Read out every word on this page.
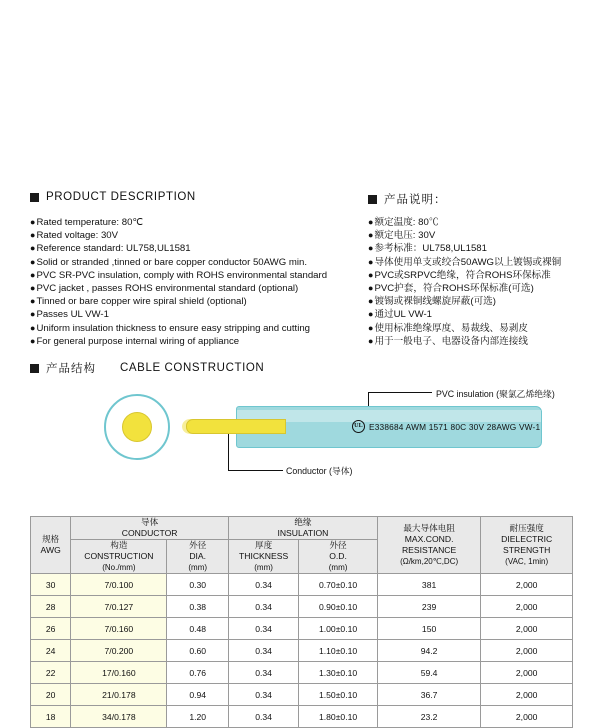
PRODUCT DESCRIPTION	产品说明：
● Rated temperature: 80℃
● Rated voltage: 30V
● Reference standard: UL758,UL1581
● Solid or stranded ,tinned or bare copper conductor 50AWG min.
● PVC SR-PVC insulation, comply with ROHS environmental standard
● PVC jacket , passes ROHS environmental standard (optional)
● Tinned or bare copper wire spiral shield (optional)
● Passes UL VW-1
● Uniform insulation thickness to ensure easy stripping and cutting
● For general purpose internal wiring of appliance
● 额定温度: 80℃
● 额定电压: 30V
● 参考标准：UL758,UL1581
● 导体使用单支或绞合50AWG以上镀锡或裸铜
● PVC或SRPVC绝缘，符合ROHS环保标准
● PVC护套，符合ROHS环保标准(可选)
● 镀锡或裸铜线螺旋屏蔽(可选)
● 通过UL VW-1
● 使用标准绝缘厚度、易裁线、易剥皮
● 用于一般电子、电器设备内部连接线
产品结构 CABLE CONSTRUCTION
UL E338684 AWM 1571 80C 30V 28AWG VW-1
PVC insulation (聚氯乙烯绝缘)
Conductor (导体)
规格
AWG

导体
CONDUCTOR

绝缘
INSULATION	最大导体电阻
MAX.COND.
RESISTANCE
(Ω/km,20℃,DC)

耐压强度
DIELECTRIC
STRENGTH
(VAC, 1min)

构造
CONSTRUCTION
(No./mm)

外径
DIA.
(mm)

厚度
THICKNESS
(mm)

外径
O.D.
(mm)

30	7/0.100	0.30	0.34	0.70±0.10	381	2,000
28	7/0.127	0.38	0.34	0.90±0.10	239	2,000
26	7/0.160	0.48	0.34	1.00±0.10	150	2,000
24	7/0.200	0.60	0.34	1.10±0.10	94.2	2,000
22	17/0.160	0.76	0.34	1.30±0.10	59.4	2,000
20	21/0.178	0.94	0.34	1.50±0.10	36.7	2,000
18	34/0.178	1.20	0.34	1.80±0.10	23.2	2,000
